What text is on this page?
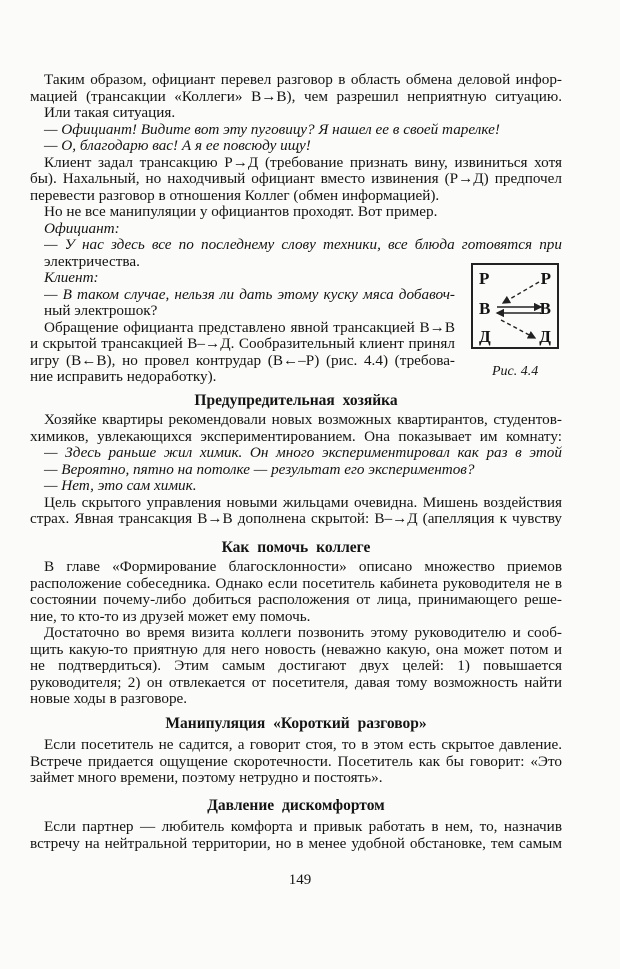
Предупредительная хозяйка
Как помочь коллеге
Манипуляция «Короткий разговор»
Давление дискомфортом
Р	Р
В	В
Д	Д
Рис. 4.4
149
Таким образом, официант перевел разговор в область обмена деловой инфор-
мацией (трансакции «Коллеги» В→В), чем разрешил неприятную ситуацию.
Или такая ситуация.
— Официант! Видите вот эту пуговицу? Я нашел ее в своей тарелке!
— О, благодарю вас! А я ее повсюду ищу!
Клиент задал трансакцию Р→Д (требование признать вину, извиниться хотя
бы). Нахальный, но находчивый официант вместо извинения (Р→Д) предпочел
перевести разговор в отношения Коллег (обмен информацией).
Но не все манипуляции у официантов проходят. Вот пример.
Официант:
— У нас здесь все по последнему слову техники, все блюда готовятся при
электричества.
Клиент:
— В таком случае, нельзя ли дать этому куску мяса добавоч-
ный электрошок?
Обращение официанта представлено явной трансакцией В→В
и скрытой трансакцией В–→Д. Сообразительный клиент принял
игру (В←В), но провел контрудар (В←–Р) (рис. 4.4) (требова-
ние исправить недоработку).
Хозяйке квартиры рекомендовали новых возможных квартирантов, студентов-
химиков, увлекающихся экспериментированием. Она показывает им комнату:
— Здесь раньше жил химик. Он много экспериментировал как раз в этой
— Вероятно, пятно на потолке — результат его экспериментов?
— Нет, это сам химик.
Цель скрытого управления новыми жильцами очевидна. Мишень воздействия
страх. Явная трансакция В→В дополнена скрытой: В–→Д (апелляция к чувству
В главе «Формирование благосклонности» описано множество приемов
расположение собеседника. Однако если посетитель кабинета руководителя не в
состоянии почему-либо добиться расположения от лица, принимающего реше-
ние, то кто-то из друзей может ему помочь.
Достаточно во время визита коллеги позвонить этому руководителю и сооб-
щить какую-то приятную для него новость (неважно какую, она может потом и
не подтвердиться). Этим самым достигают двух целей: 1) повышается
руководителя; 2) он отвлекается от посетителя, давая тому возможность найти
новые ходы в разговоре.
Если посетитель не садится, а говорит стоя, то в этом есть скрытое давление.
Встрече придается ощущение скоротечности. Посетитель как бы говорит: «Это
займет много времени, поэтому нетрудно и постоять».
Если партнер — любитель комфорта и привык работать в нем, то, назначив
встречу на нейтральной территории, но в менее удобной обстановке, тем самым
